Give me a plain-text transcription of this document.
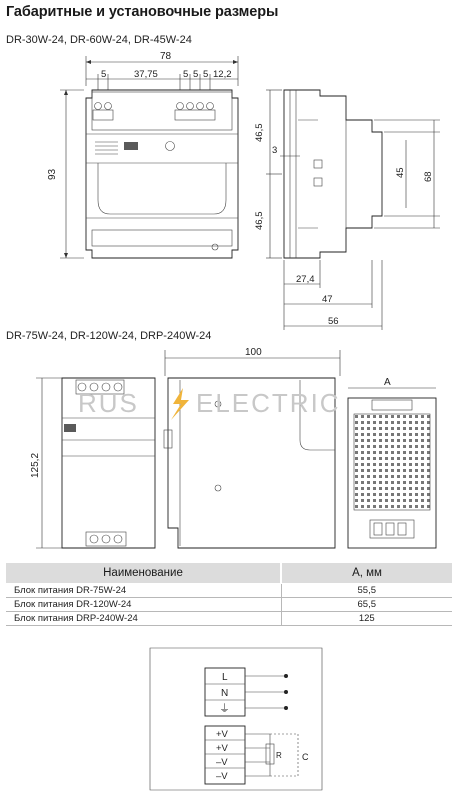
Габаритные и установочные размеры
DR-30W-24, DR-60W-24, DR-45W-24
78
5	37,75	5 5 5 12,2
93
46,5
46,5
3
45 68
27,4
47
56
DR-75W-24, DR-120W-24, DRP-240W-24
100
125,2
A
RUS ELECTRIC
Наименование	А, мм
Блок питания DR-75W-24	55,5
Блок питания DR-120W-24	65,5
Блок питания DRP-240W-24	125
L
N
⏚
+V
+V
–V
–V
R C
